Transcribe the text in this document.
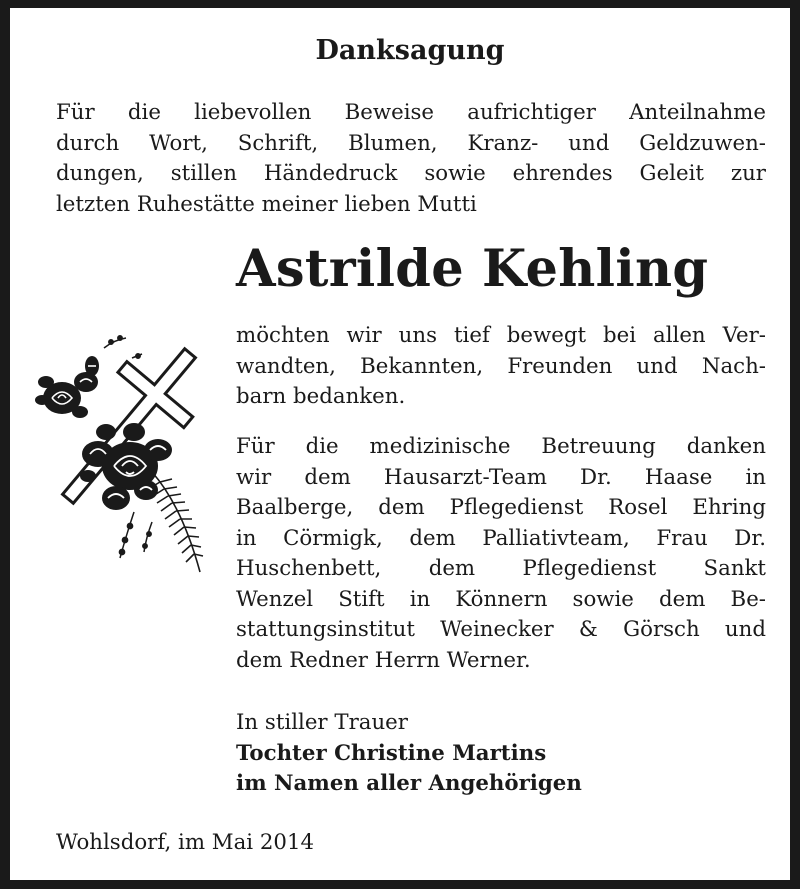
Danksagung
Für die liebevollen Beweise aufrichtiger Anteilnahme
durch Wort, Schrift, Blumen, Kranz- und Geldzuwen-
dungen, stillen Händedruck sowie ehrendes Geleit zur
letzten Ruhestätte meiner lieben Mutti
Astrilde Kehling
möchten wir uns tief bewegt bei allen Ver-
wandten, Bekannten, Freunden und Nach-
barn bedanken.
Für die medizinische Betreuung danken
wir dem Hausarzt-Team Dr. Haase in
Baalberge, dem Pflegedienst Rosel Ehring
in Cörmigk, dem Palliativteam, Frau Dr.
Huschenbett, dem Pflegedienst Sankt
Wenzel Stift in Könnern sowie dem Be-
stattungsinstitut Weinecker & Görsch und
dem Redner Herrn Werner.
In stiller Trauer
Tochter Christine Martins
im Namen aller Angehörigen
Wohlsdorf, im Mai 2014
